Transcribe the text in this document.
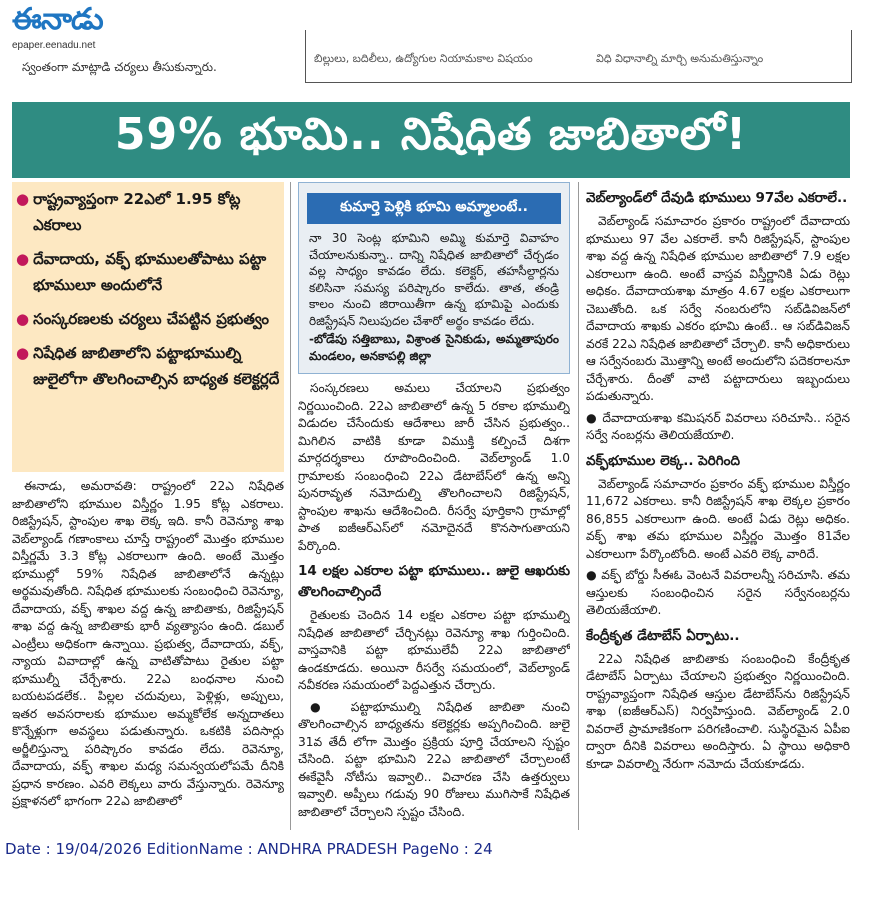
ఈనాడు
epaper.eenadu.net
స్వంతంగా మాట్లాడి చర్యలు తీసుకున్నారు.
బిల్లులు, బదిలీలు, ఉద్యోగుల నియామకాల విషయం	విధి విధానాల్ని మార్చి అనుమతిస్తున్నాం
59% భూమి.. నిషేధిత జాబితాలో!
● రాష్ట్రవ్యాప్తంగా 22ఎలో 1.95 కోట్ల ఎకరాలు
● దేవాదాయ, వక్ఫ్ భూములతోపాటు పట్టా భూములూ అందులోనే
● సంస్కరణలకు చర్యలు చేపట్టిన ప్రభుత్వం
● నిషేధిత జాబితాలోని పట్టాభూముల్ని జులైలోగా తొలగించాల్సిన బాధ్యత కలెక్టర్లదే

ఈనాడు, అమరావతి: రాష్ట్రంలో 22ఎ నిషేధిత జాబితాలోని భూముల విస్తీర్ణం 1.95 కోట్ల ఎకరాలు. రిజిస్ట్రేషన్, స్టాంపుల శాఖ లెక్క ఇది. కానీ రెవెన్యూ శాఖ వెబ్‌ల్యాండ్ గణాంకాలు చూస్తే రాష్ట్రంలో మొత్తం భూముల విస్తీర్ణమే 3.3 కోట్ల ఎకరాలుగా ఉంది. అంటే మొత్తం భూముల్లో 59% నిషేధిత జాబితాలోనే ఉన్నట్లు అర్థమవుతోంది. నిషేధిత భూములకు సంబంధించి రెవెన్యూ, దేవాదాయ, వక్ఫ్ శాఖల వద్ద ఉన్న జాబితాకు, రిజిస్ట్రేషన్ శాఖ వద్ద ఉన్న జాబితాకు భారీ వ్యత్యాసం ఉంది. డబుల్ ఎంట్రీలు అధికంగా ఉన్నాయి. ప్రభుత్వ, దేవాదాయ, వక్ఫ్, న్యాయ వివాదాల్లో ఉన్న వాటితోపాటు రైతుల పట్టా భూముల్నీ చేర్చేశారు. 22ఎ బంధనాల నుంచి బయటపడలేక.. పిల్లల చదువులు, పెళ్లిళ్లు, అప్పులు, ఇతర అవసరాలకు భూముల అమ్మకోలేక అన్నదాతలు కొన్నేళ్లుగా అవస్థలు పడుతున్నారు. ఒకటికి పదిసార్లు అర్జీలిస్తున్నా పరిష్కారం కావడం లేదు. రెవెన్యూ, దేవాదాయ, వక్ఫ్ శాఖల మధ్య సమన్వయలోపమే దీనికి ప్రధాన కారణం. ఎవరి లెక్కలు వారు వేస్తున్నారు. రెవెన్యూ ప్రక్షాళనలో భాగంగా 22ఎ జాబితాలో

కుమార్తె పెళ్లికి భూమి అమ్మాలంటే..
నా 30 సెంట్ల భూమిని అమ్మి కుమార్తె వివాహం చేయాలనుకున్నా.. దాన్ని నిషేధిత జాబితాలో చేర్చడం వల్ల సాధ్యం కావడం లేదు. కలెక్టర్, తహసీల్దార్లను కలిసినా సమస్య పరిష్కారం కాలేదు. తాత, తండ్రి కాలం నుంచి జిరాయితీగా ఉన్న భూమిపై ఎందుకు రిజిస్ట్రేషన్ నిలుపుదల చేశారో అర్థం కావడం లేదు.
-బోడేపు సత్తిబాబు, విశ్రాంత సైనికుడు, అమ్మతాపురం మండలం, అనకాపల్లి జిల్లా

సంస్కరణలు అమలు చేయాలని ప్రభుత్వం నిర్ణయించింది. 22ఎ జాబితాలో ఉన్న 5 రకాల భూముల్ని విడుదల చేసేందుకు ఆదేశాలు జారీ చేసిన ప్రభుత్వం.. మిగిలిన వాటికి కూడా విముక్తి కల్పించే దిశగా మార్గదర్శకాలు రూపొందించింది. వెబ్‌ల్యాండ్ 1.0 గ్రామాలకు సంబంధించి 22ఎ డేటాబేస్‌లో ఉన్న అన్ని పునరావృత నమోదుల్ని తొలగించాలని రిజిస్ట్రేషన్, స్టాంపుల శాఖను ఆదేశించింది. రీసర్వే పూర్తికాని గ్రామాల్లో పాత ఐజీఆర్ఎస్‌లో నమోదైనదే కొనసాగుతాయని పేర్కొంది.

14 లక్షల ఎకరాల పట్టా భూములు.. జులై ఆఖరుకు తొలగించాల్సిందే

రైతులకు చెందిన 14 లక్షల ఎకరాల పట్టా భూముల్ని నిషేధిత జాబితాలో చేర్చినట్లు రెవెన్యూ శాఖ గుర్తించింది. వాస్తవానికి పట్టా భూములేవీ 22ఎ జాబితాలో ఉండకూడదు. అయినా రీసర్వే సమయంలో, వెబ్‌ల్యాండ్ నవీకరణ సమయంలో పెద్దఎత్తున చేర్చారు.

● పట్టాభూముల్ని నిషేధిత జాబితా నుంచి తొలగించాల్సిన బాధ్యతను కలెక్టర్లకు అప్పగించింది. జులై 31వ తేదీ లోగా మొత్తం ప్రక్రియ పూర్తి చేయాలని స్పష్టం చేసింది. పట్టా భూమిని 22ఎ జాబితాలో చేర్చాలంటే ఈకేవైసీ నోటీసు ఇవ్వాలి.. విచారణ చేసి ఉత్తర్వులు ఇవ్వాలి. అప్పీలు గడువు 90 రోజులు ముగిసాకే నిషేధిత జాబితాలో చేర్చాలని స్పష్టం చేసింది.

వెబ్‌ల్యాండ్‌లో దేవుడి భూములు 97వేల ఎకరాలే..

వెబ్‌ల్యాండ్ సమాచారం ప్రకారం రాష్ట్రంలో దేవాదాయ భూములు 97 వేల ఎకరాలే. కానీ రిజిస్ట్రేషన్, స్టాంపుల శాఖ వద్ద ఉన్న నిషేధిత భూముల జాబితాలో 7.9 లక్షల ఎకరాలుగా ఉంది. అంటే వాస్తవ విస్తీర్ణానికి ఏడు రెట్లు అధికం. దేవాదాయశాఖ మాత్రం 4.67 లక్షల ఎకరాలుగా చెబుతోంది. ఒక సర్వే నంబరులోని సబ్‌డివిజన్‌లో దేవాదాయ శాఖకు ఎకరం భూమి ఉంటే.. ఆ సబ్‌డివిజన్ వరకే 22ఎ నిషేధిత జాబితాలో చేర్చాలి. కానీ అధికారులు ఆ సర్వేనంబరు మొత్తాన్ని అంటే అందులోని పదెకరాలనూ చేర్చేశారు. దీంతో వాటి పట్టాదారులు ఇబ్బందులు పడుతున్నారు.

● దేవాదాయశాఖ కమిషనర్ వివరాలు సరిచూసి.. సరైన సర్వే నంబర్లను తెలియజేయాలి.

వక్ఫ్‌భూముల లెక్క.. పెరిగింది

వెబ్‌ల్యాండ్ సమాచారం ప్రకారం వక్ఫ్ భూముల విస్తీర్ణం 11,672 ఎకరాలు. కానీ రిజిస్ట్రేషన్ శాఖ లెక్కల ప్రకారం 86,855 ఎకరాలుగా ఉంది. అంటే ఏడు రెట్లు అధికం. వక్ఫ్ శాఖ తమ భూముల విస్తీర్ణం మొత్తం 81వేల ఎకరాలుగా పేర్కొంటోంది. అంటే ఎవరి లెక్క వారిదే.

● వక్ఫ్ బోర్డు సీఈఓ వెంటనే వివరాలన్నీ సరిచూసి. తమ ఆస్తులకు సంబంధించిన సరైన సర్వేనంబర్లను తెలియజేయాలి.

కేంద్రీకృత డేటాబేస్ ఏర్పాటు..

22ఎ నిషేధిత జాబితాకు సంబంధించి కేంద్రీకృత డేటాబేస్ ఏర్పాటు చేయాలని ప్రభుత్వం నిర్ణయించింది. రాష్ట్రవ్యాప్తంగా నిషేధిత ఆస్తుల డేటాబేస్‌ను రిజిస్ట్రేషన్ శాఖ (ఐజీఆర్ఎస్) నిర్వహిస్తుంది. వెబ్‌ల్యాండ్ 2.0 వివరాలే ప్రామాణికంగా పరిగణించాలి. సుస్థిరమైన ఏపీఐ ద్వారా దీనికి వివరాలు అందిస్తారు. ఏ స్థాయి అధికారి కూడా వివరాల్ని నేరుగా నమోదు చేయకూడదు.

Date : 19/04/2026 EditionName : ANDHRA PRADESH PageNo : 24
